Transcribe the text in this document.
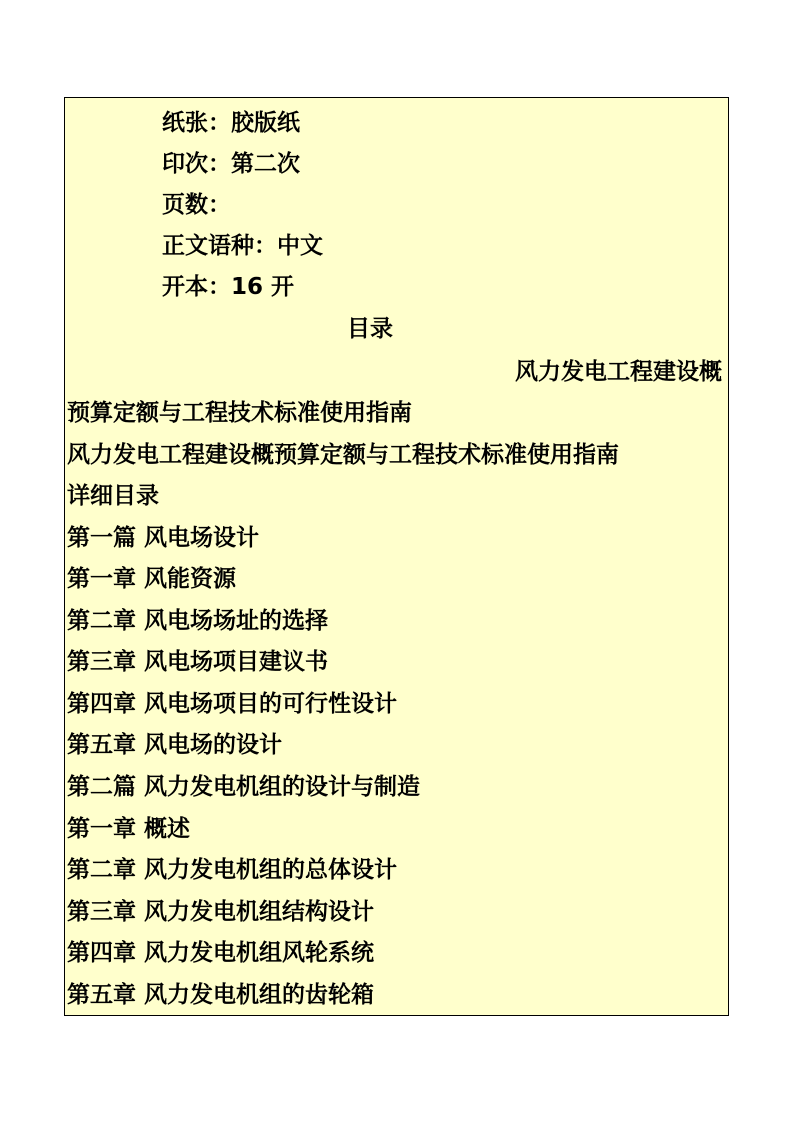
纸张：胶版纸
印次：第二次
页数：
正文语种：中文
开本：16 开
目录
风力发电工程建设概
预算定额与工程技术标准使用指南
风力发电工程建设概预算定额与工程技术标准使用指南
详细目录
第一篇 风电场设计
第一章 风能资源
第二章 风电场场址的选择
第三章 风电场项目建议书
第四章 风电场项目的可行性设计
第五章 风电场的设计
第二篇 风力发电机组的设计与制造
第一章 概述
第二章 风力发电机组的总体设计
第三章 风力发电机组结构设计
第四章 风力发电机组风轮系统
第五章 风力发电机组的齿轮箱
